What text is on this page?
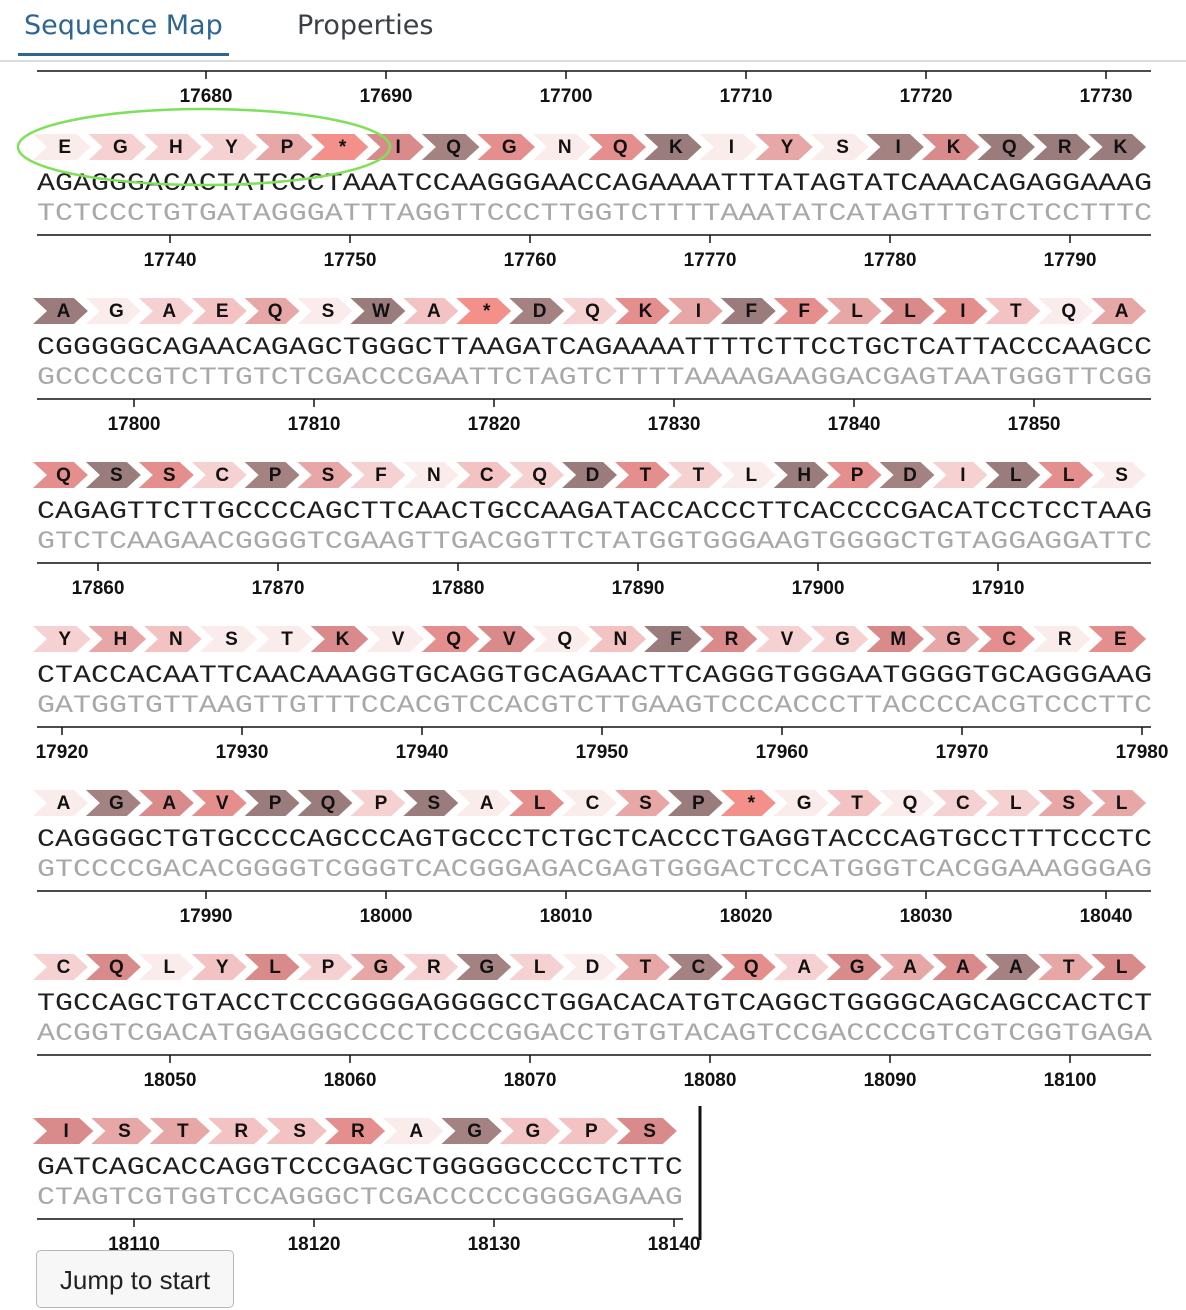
Sequence Map	Properties
17680	17690	17700	17710	17720	17730
E G H Y P *	I Q G N Q K I Y S I K Q R K
AGAGGGACACTATCCCTAAATCCAAGGGAACCAGAAAATTTATAGTATCAAACAGAGGAAAG
TCTCCCTGTGATAGGGATTTAGGTTCCCTTGGTCTTTTAAATATCATAGTTTGTCTCCTTTC
17740	17750	17760	17770	17780	17790
A G A E Q S W A * D Q K I F F L L I T Q A
CGGGGGCAGAACAGAGCTGGGCTTAAGATCAGAAAATTTTCTTCCTGCTCATTACCCAAGCC
GCCCCCGTCTTGTCTCGACCCGAATTCTAGTCTTTTAAAAGAAGGACGAGTAATGGGTTCGG
17800	17810	17820	17830	17840	17850
Q S S C P S F N C Q D T T L H P D I L L S
CAGAGTTCTTGCCCCAGCTTCAACTGCCAAGATACCACCCTTCACCCCGACATCCTCCTAAG
GTCTCAAGAACGGGGTCGAAGTTGACGGTTCTATGGTGGGAAGTGGGGCTGTAGGAGGATTC
17860	17870	17880	17890	17900	17910
Y H N S T K V Q V Q N F R V G M G C R E
CTACCACAATTCAACAAAGGTGCAGGTGCAGAACTTCAGGGTGGGAATGGGGTGCAGGGAAG
GATGGTGTTAAGTTGTTTCCACGTCCACGTCTTGAAGTCCCACCCTTACCCCACGTCCCTTC
17920	17930	17940	17950	17960	17970	17980
A G A V P Q P S A L C S P * G T Q C L S L
CAGGGGCTGTGCCCCAGCCCAGTGCCCTCTGCTCACCCTGAGGTACCCAGTGCCTTTCCCTC
GTCCCCGACACGGGGTCGGGTCACGGGAGACGAGTGGGACTCCATGGGTCACGGAAAGGGAG
17990	18000	18010	18020	18030	18040
C Q L Y L P G R G L D T C Q A G A A A T L
TGCCAGCTGTACCTCCCGGGGAGGGGCCTGGACACATGTCAGGCTGGGGCAGCAGCCACTCT
ACGGTCGACATGGAGGGCCCCTCCCCGGACCTGTGTACAGTCCGACCCCGTCGTCGGTGAGA
18050	18060	18070	18080	18090	18100
I	S T R S R A G G P S
GATCAGCACCAGGTCCCGAGCTGGGGGCCCCTCTTC
CTAGTCGTGGTCCAGGGCTCGACCCCCGGGGAGAAG
18110	18120	18130	18140
Jump to start
